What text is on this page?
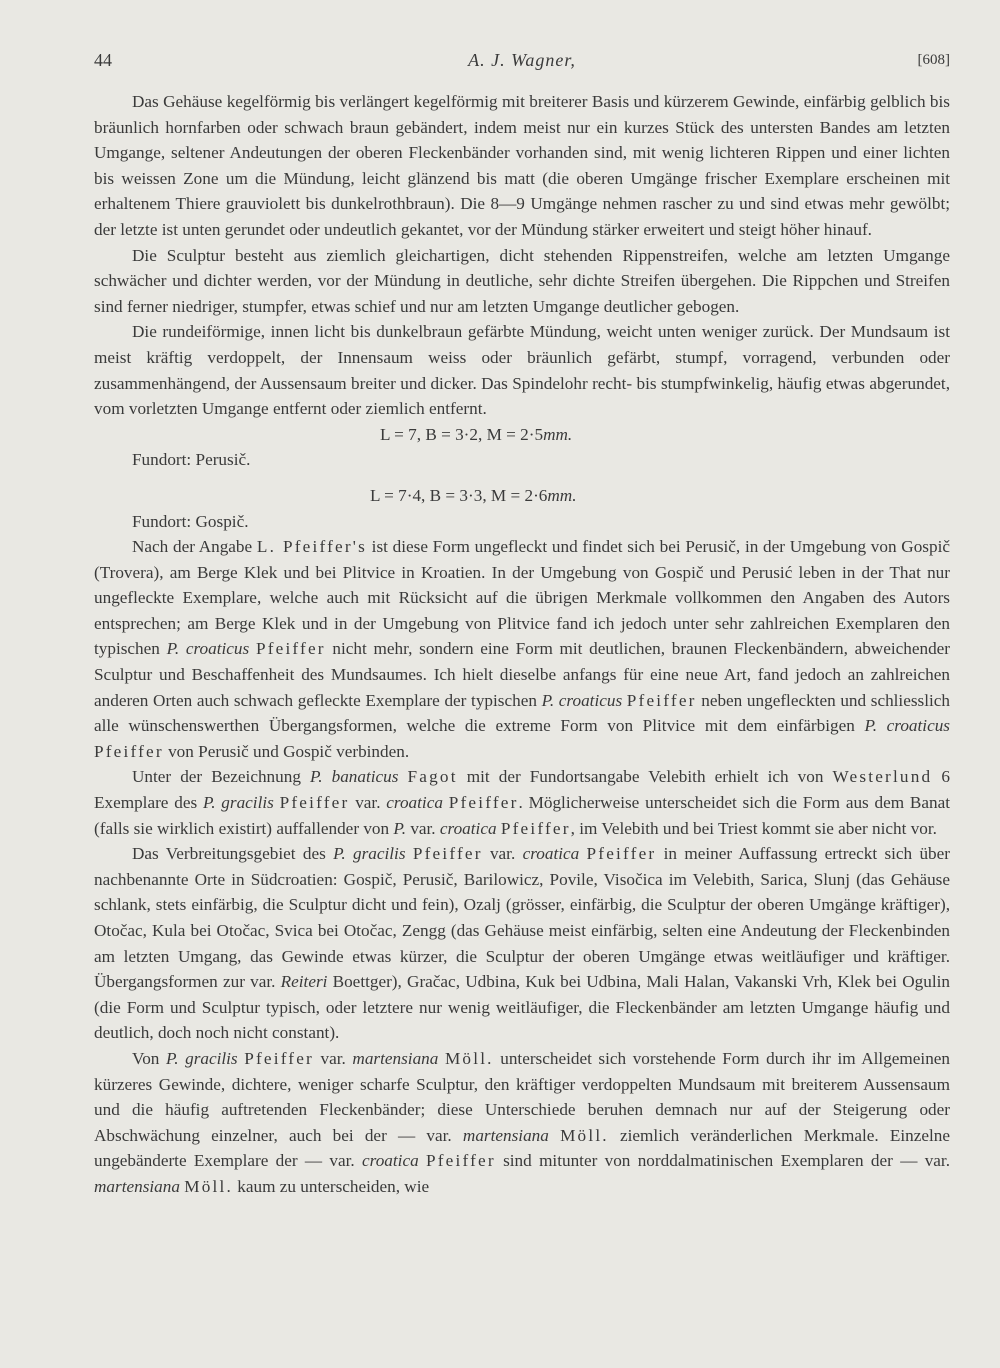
44	A. J. Wagner,	[608]

Das Gehäuse kegelförmig bis verlängert kegelförmig mit breiterer Basis und kürzerem Gewinde, einfärbig gelblich bis bräunlich hornfarben oder schwach braun gebändert, indem meist nur ein kurzes Stück des untersten Bandes am letzten Umgange, seltener Andeutungen der oberen Fleckenbänder vorhanden sind, mit wenig lichteren Rippen und einer lichten bis weissen Zone um die Mündung, leicht glänzend bis matt (die oberen Umgänge frischer Exemplare erscheinen mit erhaltenem Thiere grauviolett bis dunkelrothbraun). Die 8—9 Umgänge nehmen rascher zu und sind etwas mehr gewölbt; der letzte ist unten gerundet oder undeutlich gekantet, vor der Mündung stärker erweitert und steigt höher hinauf.

Die Sculptur besteht aus ziemlich gleichartigen, dicht stehenden Rippenstreifen, welche am letzten Umgange schwächer und dichter werden, vor der Mündung in deutliche, sehr dichte Streifen übergehen. Die Rippchen und Streifen sind ferner niedriger, stumpfer, etwas schief und nur am letzten Umgange deutlicher gebogen.

Die rundeiförmige, innen licht bis dunkelbraun gefärbte Mündung, weicht unten weniger zurück. Der Mundsaum ist meist kräftig verdoppelt, der Innensaum weiss oder bräunlich gefärbt, stumpf, vorragend, verbunden oder zusammenhängend, der Aussensaum breiter und dicker. Das Spindelohr recht- bis stumpfwinkelig, häufig etwas abgerundet, vom vorletzten Umgange entfernt oder ziemlich entfernt.

L = 7, B = 3·2, M = 2·5mm.

Fundort: Perusič.

L = 7·4, B = 3·3, M = 2·6mm.

Fundort: Gospič.

Nach der Angabe L. Pfeiffer's ist diese Form ungefleckt und findet sich bei Perusič, in der Umgebung von Gospič (Trovera), am Berge Klek und bei Plitvice in Kroatien. In der Umgebung von Gospič und Perusić leben in der That nur ungefleckte Exemplare, welche auch mit Rücksicht auf die übrigen Merkmale vollkommen den Angaben des Autors entsprechen; am Berge Klek und in der Umgebung von Plitvice fand ich jedoch unter sehr zahlreichen Exemplaren den typischen P. croaticus Pfeiffer nicht mehr, sondern eine Form mit deutlichen, braunen Fleckenbändern, abweichender Sculptur und Beschaffenheit des Mundsaumes. Ich hielt dieselbe anfangs für eine neue Art, fand jedoch an zahlreichen anderen Orten auch schwach gefleckte Exemplare der typischen P. croaticus Pfeiffer neben ungefleckten und schliesslich alle wünschenswerthen Übergangsformen, welche die extreme Form von Plitvice mit dem einfärbigen P. croaticus Pfeiffer von Perusič und Gospič verbinden.

Unter der Bezeichnung P. banaticus Fagot mit der Fundortsangabe Velebith erhielt ich von Westerlund 6 Exemplare des P. gracilis Pfeiffer var. croatica Pfeiffer. Möglicherweise unterscheidet sich die Form aus dem Banat (falls sie wirklich existirt) auffallender von P. var. croatica Pfeiffer, im Velebith und bei Triest kommt sie aber nicht vor.

Das Verbreitungsgebiet des P. gracilis Pfeiffer var. croatica Pfeiffer in meiner Auffassung ertreckt sich über nachbenannte Orte in Südcroatien: Gospič, Perusič, Barilowicz, Povile, Visočica im Velebith, Sarica, Slunj (das Gehäuse schlank, stets einfärbig, die Sculptur dicht und fein), Ozalj (grösser, einfärbig, die Sculptur der oberen Umgänge kräftiger), Otočac, Kula bei Otočac, Svica bei Otočac, Zengg (das Gehäuse meist einfärbig, selten eine Andeutung der Fleckenbinden am letzten Umgang, das Gewinde etwas kürzer, die Sculptur der oberen Umgänge etwas weitläufiger und kräftiger. Übergangsformen zur var. Reiteri Boettger), Gračac, Udbina, Kuk bei Udbina, Mali Halan, Vakanski Vrh, Klek bei Ogulin (die Form und Sculptur typisch, oder letztere nur wenig weitläufiger, die Fleckenbänder am letzten Umgange häufig und deutlich, doch noch nicht constant).

Von P. gracilis Pfeiffer var. martensiana Möll. unterscheidet sich vorstehende Form durch ihr im Allgemeinen kürzeres Gewinde, dichtere, weniger scharfe Sculptur, den kräftiger verdoppelten Mundsaum mit breiterem Aussensaum und die häufig auftretenden Fleckenbänder; diese Unterschiede beruhen demnach nur auf der Steigerung oder Abschwächung einzelner, auch bei der — var. martensiana Möll. ziemlich veränderlichen Merkmale. Einzelne ungebänderte Exemplare der — var. croatica Pfeiffer sind mitunter von norddalmatinischen Exemplaren der — var. martensiana Möll. kaum zu unterscheiden, wie
